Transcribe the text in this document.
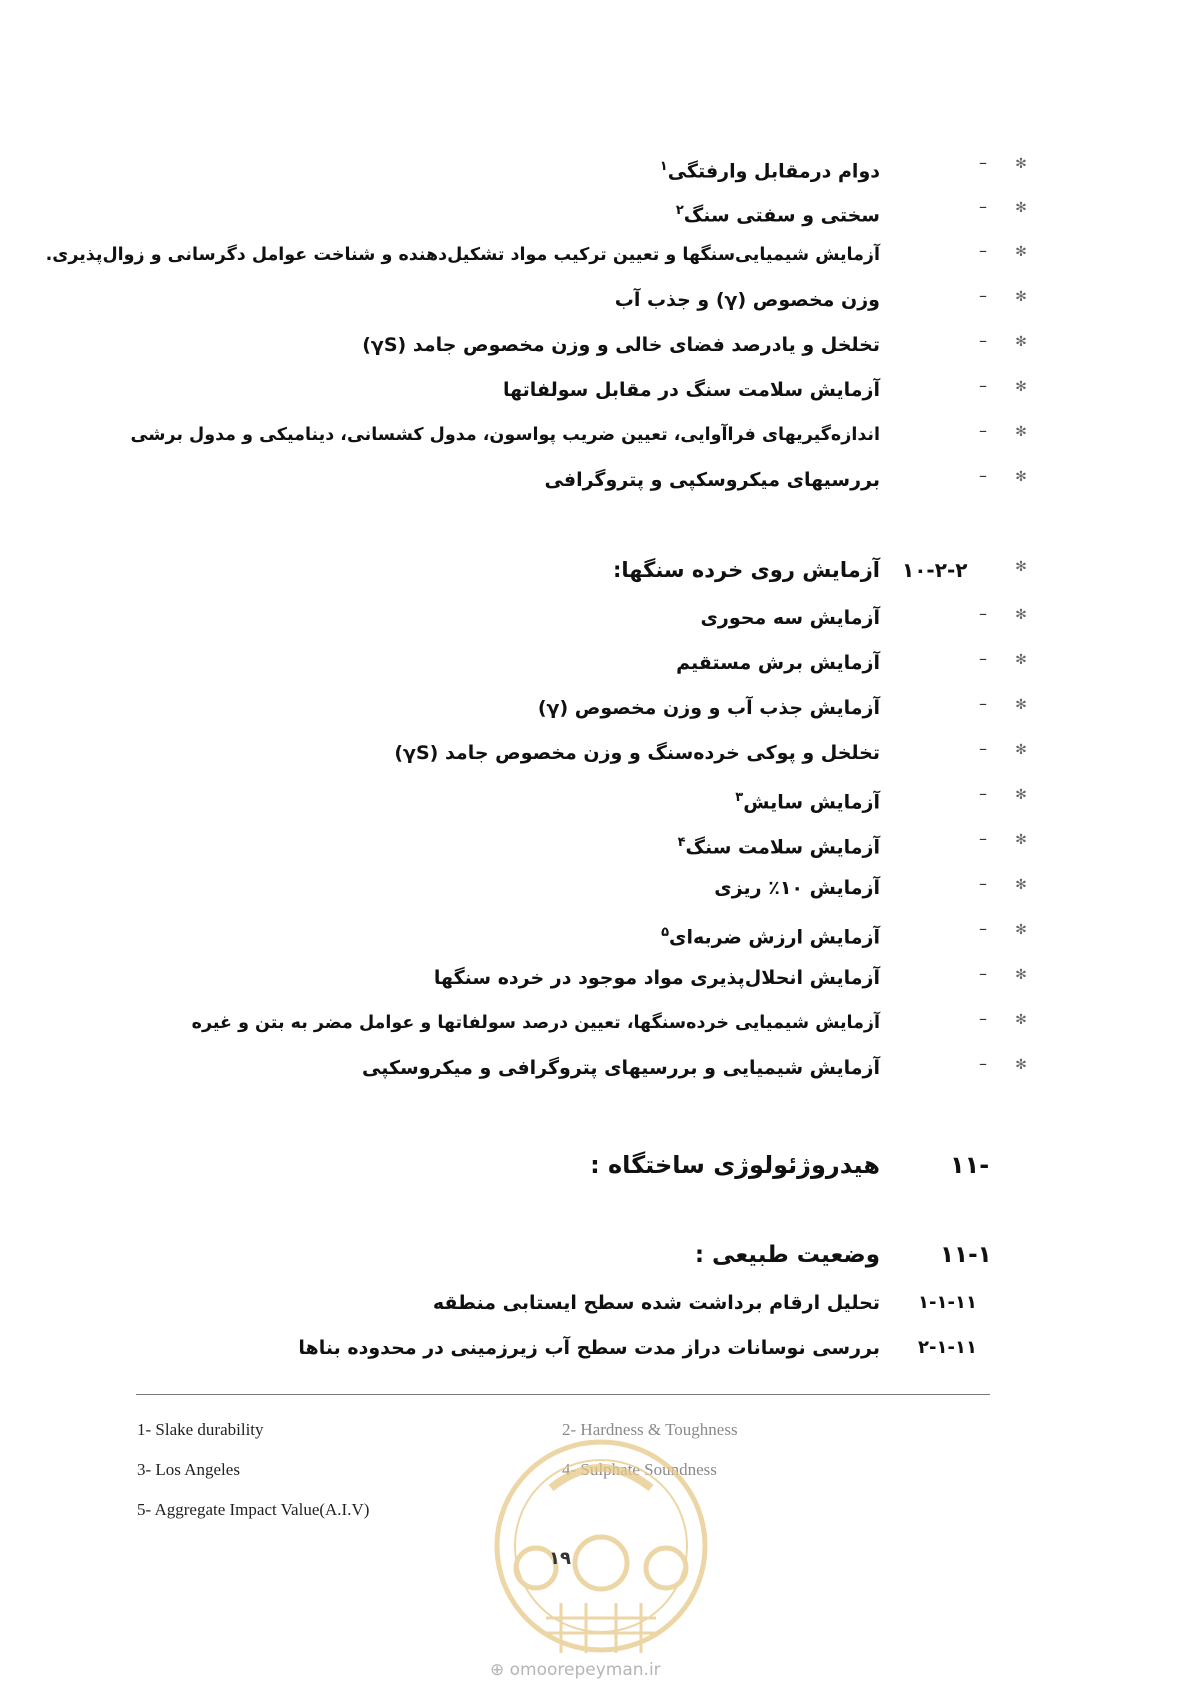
✻
–
دوام درمقابل وارفتگی$^١$
✻
–
سختی و سفتی سنگ$^٢$
✻
–
آزمایش شیمیایی‌سنگها و تعیین ترکیب مواد تشکیل‌دهنده و شناخت عوامل دگرسانی و زوال‌پذیری.
✻
–
وزن مخصوص (γ) و جذب آب
✻
–
تخلخل و یادرصد فضای خالی و وزن مخصوص جامد (γS)
✻
–
آزمایش سلامت سنگ در مقابل سولفاتها
✻
–
اندازه‌گیریهای فراآوایی، تعیین ضریب پواسون، مدول کشسانی، دینامیکی و مدول برشی
✻
–
بررسیهای میکروسکپی و پتروگرافی
✻
٢-٢-١٠
آزمایش روی خرده سنگها:
✻
–
آزمایش سه محوری
✻
–
آزمایش برش مستقیم
✻
–
آزمایش جذب آب و وزن مخصوص (γ)
✻
–
تخلخل و پوکی خرده‌سنگ و وزن مخصوص جامد (γS)
✻
–
آزمایش سایش$^٣$
✻
–
آزمایش سلامت سنگ$^۴$
✻
–
آزمایش ١٠٪ ریزی
✻
–
آزمایش ارزش ضربه‌ای$^۵$
✻
–
آزمایش انحلال‌پذیری مواد موجود در خرده سنگها
✻
–
آزمایش شیمیایی خرده‌سنگها، تعیین درصد سولفاتها و عوامل مضر به بتن و غیره
✻
–
آزمایش شیمیایی و بررسیهای پتروگرافی و میکروسکپی
-١١
هیدروژئولوژی ساختگاه :
١-١١
وضعیت طبیعی :
١١-١-١
تحلیل ارقام برداشت شده سطح ایستابی منطقه
١١-١-٢
بررسی نوسانات دراز مدت سطح آب زیرزمینی در محدوده بناها
1- Slake durability	2- Hardness & Toughness
3- Los Angeles	4- Sulphate Soundness
5- Aggregate Impact Value(A.I.V)
١٩
⊕ omoorepeyman.ir
